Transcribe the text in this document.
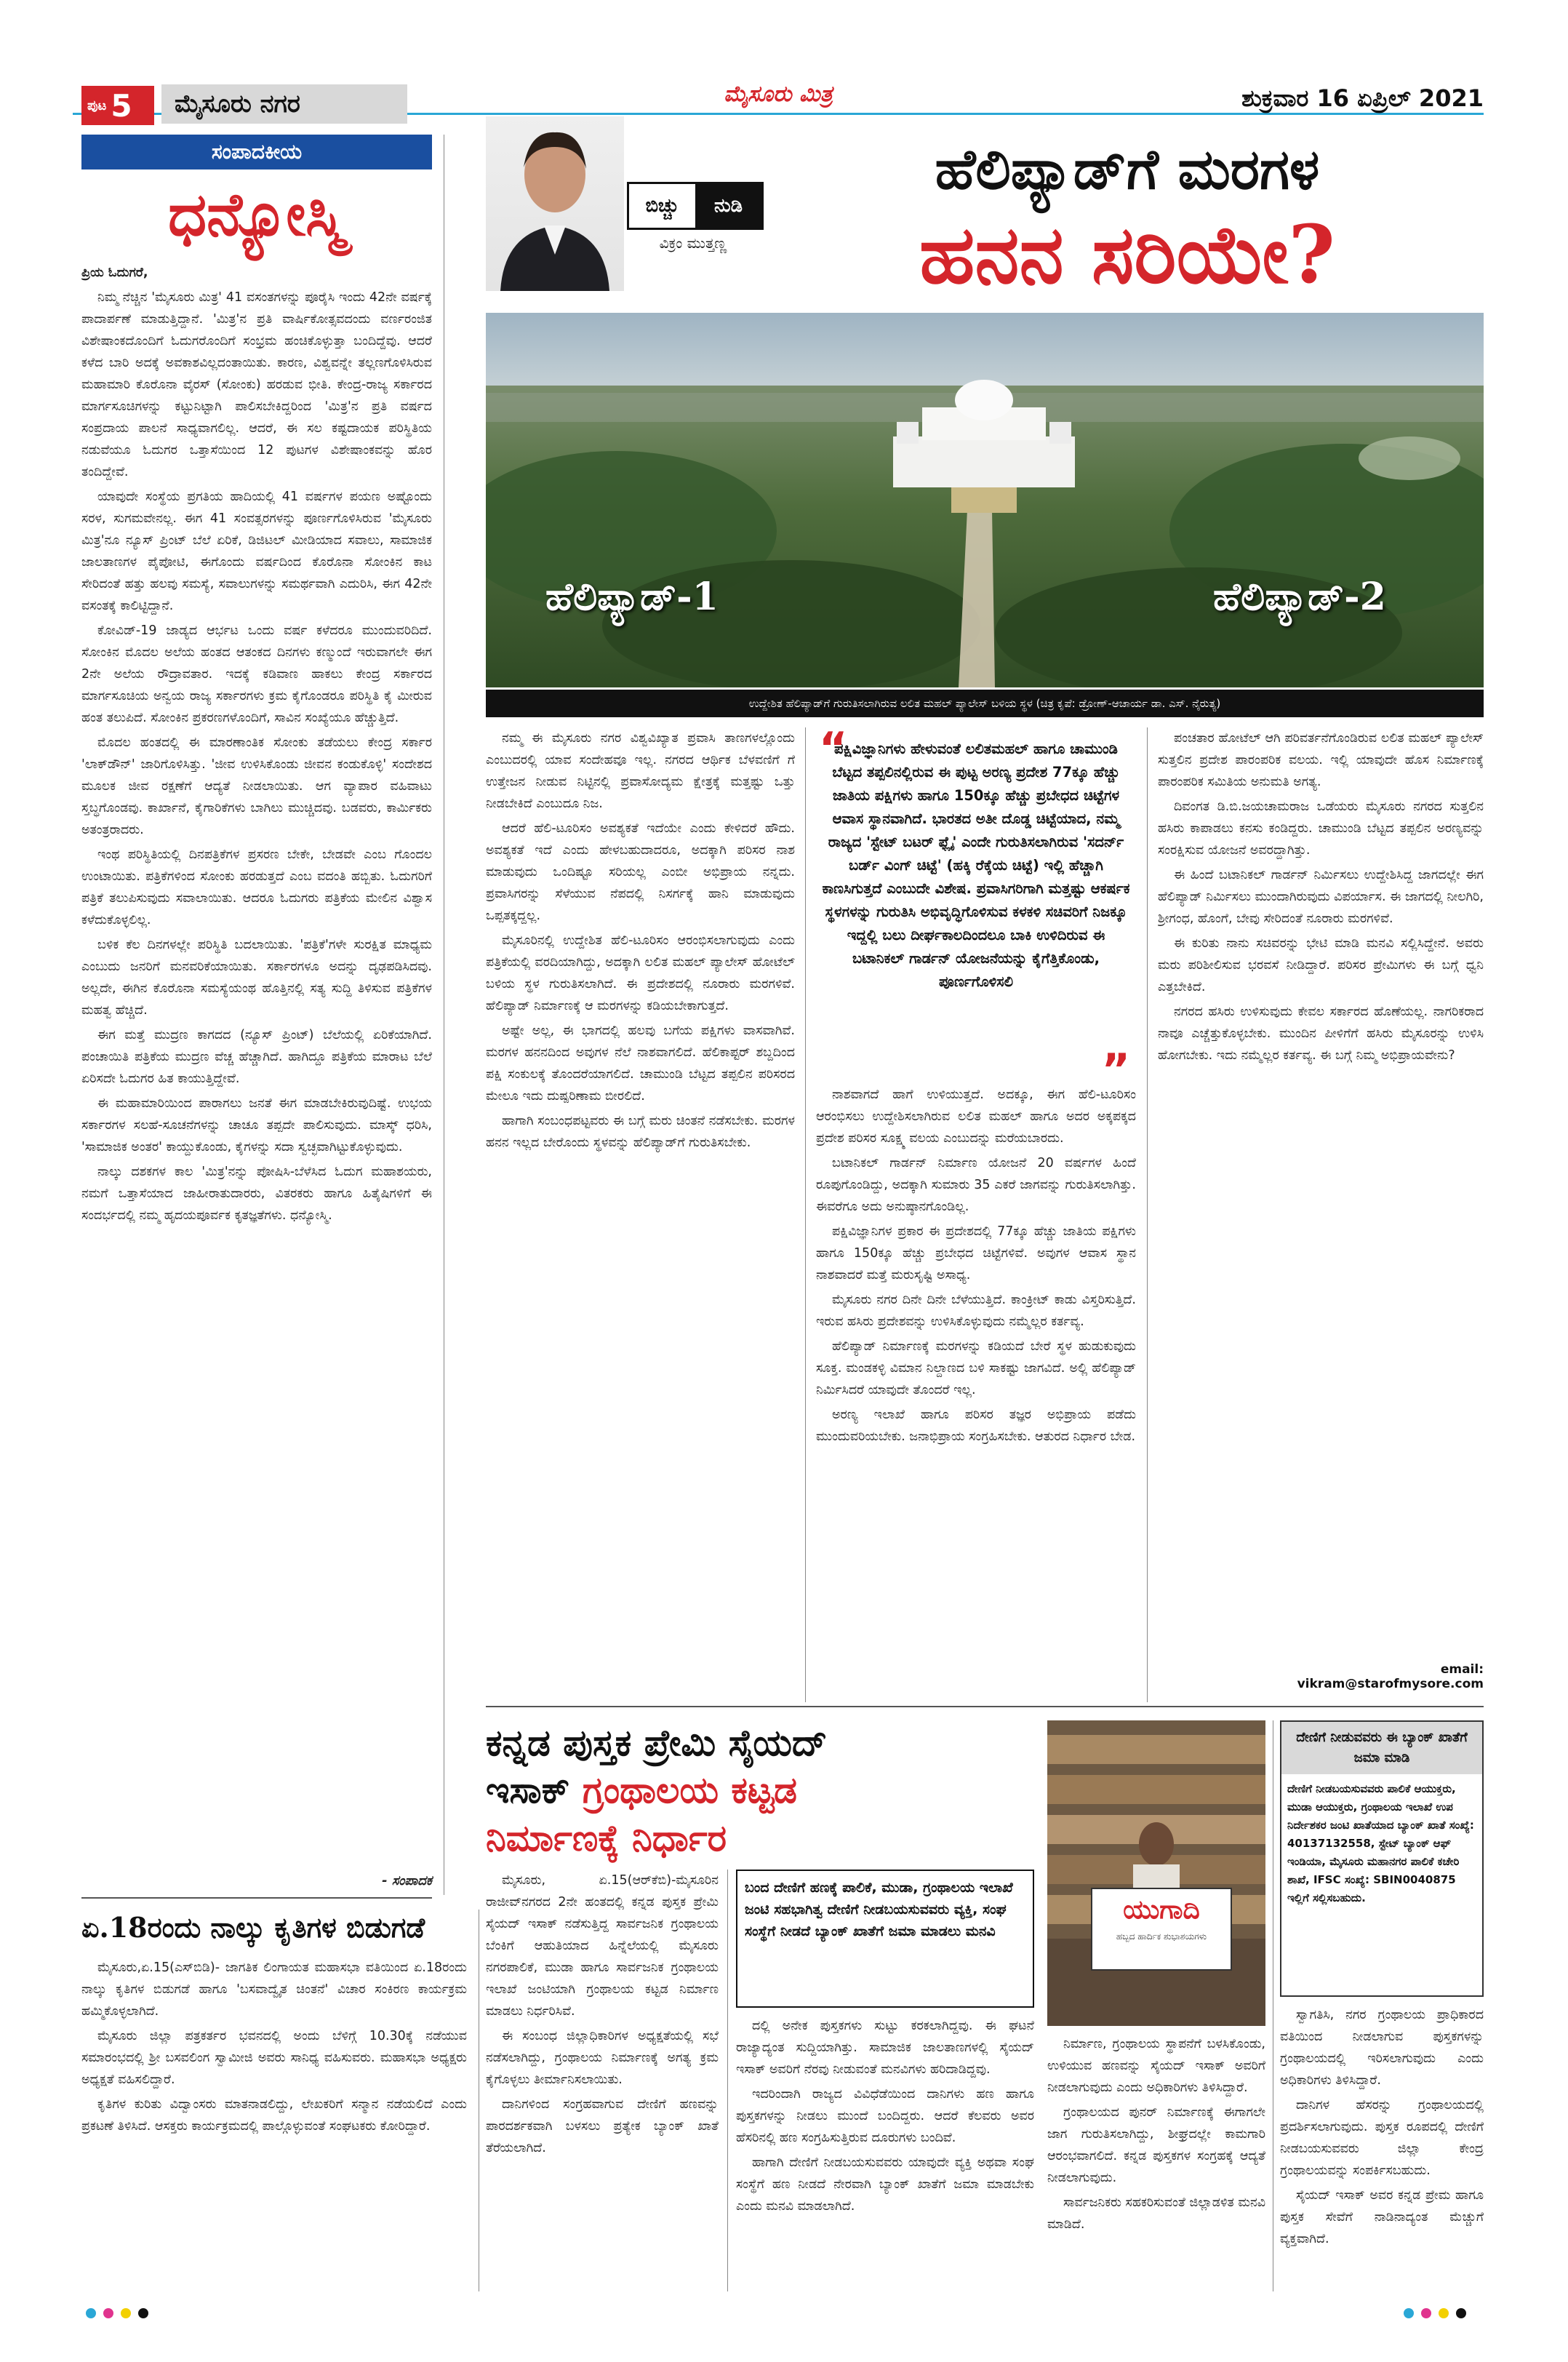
ಪುಟ 5 ಮೈಸೂರು ನಗರ	ಮೈಸೂರು ಮಿತ್ರ	ಶುಕ್ರವಾರ 16 ಏಪ್ರಿಲ್ 2021
ಸಂಪಾದಕೀಯ
ಧನ್ಯೋಸ್ಮಿ

ಪ್ರಿಯ ಓದುಗರೆ,

ನಿಮ್ಮ ನೆಚ್ಚಿನ 'ಮೈಸೂರು ಮಿತ್ರ' 41 ವಸಂತಗಳನ್ನು ಪೂರೈಸಿ ಇಂದು 42ನೇ ವರ್ಷಕ್ಕೆ ಪಾದಾರ್ಪಣೆ ಮಾಡುತ್ತಿದ್ದಾನೆ. 'ಮಿತ್ರ'ನ ಪ್ರತಿ ವಾರ್ಷಿಕೋತ್ಸವದಂದು ವರ್ಣರಂಜಿತ ವಿಶೇಷಾಂಕದೊಂದಿಗೆ ಓದುಗರೊಂದಿಗೆ ಸಂಭ್ರಮ ಹಂಚಿಕೊಳ್ಳುತ್ತಾ ಬಂದಿದ್ದೆವು. ಆದರೆ ಕಳೆದ ಬಾರಿ ಅದಕ್ಕೆ ಅವಕಾಶವಿಲ್ಲದಂತಾಯಿತು. ಕಾರಣ, ವಿಶ್ವವನ್ನೇ ತಲ್ಲಣಗೊಳಿಸಿರುವ ಮಹಾಮಾರಿ ಕೊರೊನಾ ವೈರಸ್ (ಸೋಂಕು) ಹರಡುವ ಭೀತಿ. ಕೇಂದ್ರ-ರಾಜ್ಯ ಸರ್ಕಾರದ ಮಾರ್ಗಸೂಚಿಗಳನ್ನು ಕಟ್ಟುನಿಟ್ಟಾಗಿ ಪಾಲಿಸಬೇಕಿದ್ದರಿಂದ 'ಮಿತ್ರ'ನ ಪ್ರತಿ ವರ್ಷದ ಸಂಪ್ರದಾಯ ಪಾಲನೆ ಸಾಧ್ಯವಾಗಲಿಲ್ಲ. ಆದರೆ, ಈ ಸಲ ಕಷ್ಟದಾಯಕ ಪರಿಸ್ಥಿತಿಯ ನಡುವೆಯೂ ಓದುಗರ ಒತ್ತಾಸೆಯಿಂದ 12 ಪುಟಗಳ ವಿಶೇಷಾಂಕವನ್ನು ಹೊರ ತಂದಿದ್ದೇವೆ.

ಯಾವುದೇ ಸಂಸ್ಥೆಯ ಪ್ರಗತಿಯ ಹಾದಿಯಲ್ಲಿ 41 ವರ್ಷಗಳ ಪಯಣ ಅಷ್ಟೊಂದು ಸರಳ, ಸುಗಮವೇನಲ್ಲ. ಈಗ 41 ಸಂವತ್ಸರಗಳನ್ನು ಪೂರ್ಣಗೊಳಿಸಿರುವ 'ಮೈಸೂರು ಮಿತ್ರ'ನೂ ನ್ಯೂಸ್ ಪ್ರಿಂಟ್ ಬೆಲೆ ಏರಿಕೆ, ಡಿಜಿಟಲ್ ಮೀಡಿಯಾದ ಸವಾಲು, ಸಾಮಾಜಿಕ ಜಾಲತಾಣಗಳ ಪೈಪೋಟಿ, ಈಗೊಂದು ವರ್ಷದಿಂದ ಕೊರೊನಾ ಸೋಂಕಿನ ಕಾಟ ಸೇರಿದಂತೆ ಹತ್ತು ಹಲವು ಸಮಸ್ಯೆ, ಸವಾಲುಗಳನ್ನು ಸಮರ್ಥವಾಗಿ ಎದುರಿಸಿ, ಈಗ 42ನೇ ವಸಂತಕ್ಕೆ ಕಾಲಿಟ್ಟಿದ್ದಾನೆ.

ಕೋವಿಡ್-19 ಜಾಡ್ಯದ ಆರ್ಭಟ ಒಂದು ವರ್ಷ ಕಳೆದರೂ ಮುಂದುವರಿದಿದೆ. ಸೋಂಕಿನ ಮೊದಲ ಅಲೆಯ ಹಂತದ ಆತಂಕದ ದಿನಗಳು ಕಣ್ಮುಂದೆ ಇರುವಾಗಲೇ ಈಗ 2ನೇ ಅಲೆಯ ರೌದ್ರಾವತಾರ. ಇದಕ್ಕೆ ಕಡಿವಾಣ ಹಾಕಲು ಕೇಂದ್ರ ಸರ್ಕಾರದ ಮಾರ್ಗಸೂಚಿಯ ಅನ್ವಯ ರಾಜ್ಯ ಸರ್ಕಾರಗಳು ಕ್ರಮ ಕೈಗೊಂಡರೂ ಪರಿಸ್ಥಿತಿ ಕೈ ಮೀರುವ ಹಂತ ತಲುಪಿದೆ. ಸೋಂಕಿನ ಪ್ರಕರಣಗಳೊಂದಿಗೆ, ಸಾವಿನ ಸಂಖ್ಯೆಯೂ ಹೆಚ್ಚುತ್ತಿದೆ.

ಮೊದಲ ಹಂತದಲ್ಲಿ ಈ ಮಾರಣಾಂತಿಕ ಸೋಂಕು ತಡೆಯಲು ಕೇಂದ್ರ ಸರ್ಕಾರ 'ಲಾಕ್‌ಡೌನ್' ಜಾರಿಗೊಳಿಸಿತ್ತು. 'ಜೀವ ಉಳಿಸಿಕೊಂಡು ಜೀವನ ಕಂಡುಕೊಳ್ಳಿ' ಸಂದೇಶದ ಮೂಲಕ ಜೀವ ರಕ್ಷಣೆಗೆ ಆದ್ಯತೆ ನೀಡಲಾಯಿತು. ಆಗ ವ್ಯಾಪಾರ ವಹಿವಾಟು ಸ್ತಬ್ಧಗೊಂಡವು. ಕಾರ್ಖಾನೆ, ಕೈಗಾರಿಕೆಗಳು ಬಾಗಿಲು ಮುಚ್ಚಿದವು. ಬಡವರು, ಕಾರ್ಮಿಕರು ಅತಂತ್ರರಾದರು.

ಇಂಥ ಪರಿಸ್ಥಿತಿಯಲ್ಲಿ ದಿನಪತ್ರಿಕೆಗಳ ಪ್ರಸರಣ ಬೇಕೇ, ಬೇಡವೇ ಎಂಬ ಗೊಂದಲ ಉಂಟಾಯಿತು. ಪತ್ರಿಕೆಗಳಿಂದ ಸೋಂಕು ಹರಡುತ್ತದೆ ಎಂಬ ವದಂತಿ ಹಬ್ಬಿತು. ಓದುಗರಿಗೆ ಪತ್ರಿಕೆ ತಲುಪಿಸುವುದು ಸವಾಲಾಯಿತು. ಆದರೂ ಓದುಗರು ಪತ್ರಿಕೆಯ ಮೇಲಿನ ವಿಶ್ವಾಸ ಕಳೆದುಕೊಳ್ಳಲಿಲ್ಲ.

ಬಳಿಕ ಕೆಲ ದಿನಗಳಲ್ಲೇ ಪರಿಸ್ಥಿತಿ ಬದಲಾಯಿತು. 'ಪತ್ರಿಕೆ'ಗಳೇ ಸುರಕ್ಷಿತ ಮಾಧ್ಯಮ ಎಂಬುದು ಜನರಿಗೆ ಮನವರಿಕೆಯಾಯಿತು. ಸರ್ಕಾರಗಳೂ ಅದನ್ನು ದೃಢಪಡಿಸಿದವು. ಅಲ್ಲದೇ, ಈಗಿನ ಕೊರೊನಾ ಸಮಸ್ಯೆಯಂಥ ಹೊತ್ತಿನಲ್ಲಿ ಸತ್ಯ ಸುದ್ದಿ ತಿಳಿಸುವ ಪತ್ರಿಕೆಗಳ ಮಹತ್ವ ಹೆಚ್ಚಿದೆ.

ಈಗ ಮತ್ತೆ ಮುದ್ರಣ ಕಾಗದದ (ನ್ಯೂಸ್ ಪ್ರಿಂಟ್) ಬೆಲೆಯಲ್ಲಿ ಏರಿಕೆಯಾಗಿದೆ. ಪಂಚಾಯಿತಿ ಪತ್ರಿಕೆಯ ಮುದ್ರಣ ವೆಚ್ಚ ಹೆಚ್ಚಾಗಿದೆ. ಹಾಗಿದ್ದೂ ಪತ್ರಿಕೆಯ ಮಾರಾಟ ಬೆಲೆ ಏರಿಸದೇ ಓದುಗರ ಹಿತ ಕಾಯುತ್ತಿದ್ದೇವೆ.

ಈ ಮಹಾಮಾರಿಯಿಂದ ಪಾರಾಗಲು ಜನತೆ ಈಗ ಮಾಡಬೇಕಿರುವುದಿಷ್ಟೆ. ಉಭಯ ಸರ್ಕಾರಗಳ ಸಲಹೆ-ಸೂಚನೆಗಳನ್ನು ಚಾಚೂ ತಪ್ಪದೇ ಪಾಲಿಸುವುದು. ಮಾಸ್ಕ್ ಧರಿಸಿ, 'ಸಾಮಾಜಿಕ ಅಂತರ' ಕಾಯ್ದುಕೊಂಡು, ಕೈಗಳನ್ನು ಸದಾ ಸ್ವಚ್ಛವಾಗಿಟ್ಟುಕೊಳ್ಳುವುದು.

ನಾಲ್ಕು ದಶಕಗಳ ಕಾಲ 'ಮಿತ್ರ'ನನ್ನು ಪೋಷಿಸಿ-ಬೆಳೆಸಿದ ಓದುಗ ಮಹಾಶಯರು, ನಮಗೆ ಒತ್ತಾಸೆಯಾದ ಜಾಹೀರಾತುದಾರರು, ವಿತರಕರು ಹಾಗೂ ಹಿತೈಷಿಗಳಿಗೆ ಈ ಸಂದರ್ಭದಲ್ಲಿ ನಮ್ಮ ಹೃದಯಪೂರ್ವಕ ಕೃತಜ್ಞತೆಗಳು. ಧನ್ಯೋಸ್ಮಿ.

- ಸಂಪಾದಕ
ಬಿಚ್ಚು	ನುಡಿ
ವಿಕ್ರಂ ಮುತ್ತಣ್ಣ
ಹೆಲಿಪ್ಯಾಡ್‌ಗೆ ಮರಗಳ
ಹನನ ಸರಿಯೇ?
ಹೆಲಿಪ್ಯಾಡ್-1	ಹೆಲಿಪ್ಯಾಡ್-2
ಉದ್ದೇಶಿತ ಹೆಲಿಪ್ಯಾಡ್‌ಗೆ ಗುರುತಿಸಲಾಗಿರುವ ಲಲಿತ ಮಹಲ್ ಪ್ಯಾಲೇಸ್ ಬಳಿಯ ಸ್ಥಳ (ಚಿತ್ರ ಕೃಪೆ: ಡ್ರೋಣ್-ಆಚಾರ್ಯ ಡಾ. ಎಸ್. ನೈರುತ್ಯ)

ನಮ್ಮ ಈ ಮೈಸೂರು ನಗರ ವಿಶ್ವವಿಖ್ಯಾತ ಪ್ರವಾಸಿ ತಾಣಗಳಲ್ಲೊಂದು ಎಂಬುದರಲ್ಲಿ ಯಾವ ಸಂದೇಹವೂ ಇಲ್ಲ. ನಗರದ ಆರ್ಥಿಕ ಬೆಳವಣಿಗೆ ಗೆ ಉತ್ತೇಜನ ನೀಡುವ ನಿಟ್ಟಿನಲ್ಲಿ ಪ್ರವಾಸೋದ್ಯಮ ಕ್ಷೇತ್ರಕ್ಕೆ ಮತ್ತಷ್ಟು ಒತ್ತು ನೀಡಬೇಕಿದೆ ಎಂಬುದೂ ನಿಜ.

ಆದರೆ ಹೆಲಿ-ಟೂರಿಸಂ ಅವಶ್ಯಕತೆ ಇದೆಯೇ ಎಂದು ಕೇಳಿದರೆ ಹೌದು. ಅವಶ್ಯಕತೆ ಇದೆ ಎಂದು ಹೇಳಬಹುದಾದರೂ, ಅದಕ್ಕಾಗಿ ಪರಿಸರ ನಾಶ ಮಾಡುವುದು ಒಂದಿಷ್ಟೂ ಸರಿಯಲ್ಲ ಎಂಬೀ ಅಭಿಪ್ರಾಯ ನನ್ನದು. ಪ್ರವಾಸಿಗರನ್ನು ಸೆಳೆಯುವ ನೆಪದಲ್ಲಿ ನಿಸರ್ಗಕ್ಕೆ ಹಾನಿ ಮಾಡುವುದು ಒಪ್ಪತಕ್ಕದ್ದಲ್ಲ.

ಮೈಸೂರಿನಲ್ಲಿ ಉದ್ದೇಶಿತ ಹೆಲಿ-ಟೂರಿಸಂ ಆರಂಭಿಸಲಾಗುವುದು ಎಂದು ಪತ್ರಿಕೆಯಲ್ಲಿ ವರದಿಯಾಗಿದ್ದು, ಅದಕ್ಕಾಗಿ ಲಲಿತ ಮಹಲ್ ಪ್ಯಾಲೇಸ್ ಹೋಟೆಲ್ ಬಳಿಯ ಸ್ಥಳ ಗುರುತಿಸಲಾಗಿದೆ. ಈ ಪ್ರದೇಶದಲ್ಲಿ ನೂರಾರು ಮರಗಳಿವೆ. ಹೆಲಿಪ್ಯಾಡ್ ನಿರ್ಮಾಣಕ್ಕೆ ಆ ಮರಗಳನ್ನು ಕಡಿಯಬೇಕಾಗುತ್ತದೆ.

ಅಷ್ಟೇ ಅಲ್ಲ, ಈ ಭಾಗದಲ್ಲಿ ಹಲವು ಬಗೆಯ ಪಕ್ಷಿಗಳು ವಾಸವಾಗಿವೆ. ಮರಗಳ ಹನನದಿಂದ ಅವುಗಳ ನೆಲೆ ನಾಶವಾಗಲಿದೆ. ಹೆಲಿಕಾಪ್ಟರ್ ಶಬ್ದದಿಂದ ಪಕ್ಷಿ ಸಂಕುಲಕ್ಕೆ ತೊಂದರೆಯಾಗಲಿದೆ. ಚಾಮುಂಡಿ ಬೆಟ್ಟದ ತಪ್ಪಲಿನ ಪರಿಸರದ ಮೇಲೂ ಇದು ದುಷ್ಪರಿಣಾಮ ಬೀರಲಿದೆ.

ಹಾಗಾಗಿ ಸಂಬಂಧಪಟ್ಟವರು ಈ ಬಗ್ಗೆ ಮರು ಚಿಂತನೆ ನಡೆಸಬೇಕು. ಮರಗಳ ಹನನ ಇಲ್ಲದ ಬೇರೊಂದು ಸ್ಥಳವನ್ನು ಹೆಲಿಪ್ಯಾಡ್‌ಗೆ ಗುರುತಿಸಬೇಕು.

“
ಪಕ್ಷಿವಿಜ್ಞಾನಿಗಳು ಹೇಳುವಂತೆ ಲಲಿತಮಹಲ್ ಹಾಗೂ ಚಾಮುಂಡಿ ಬೆಟ್ಟದ ತಪ್ಪಲಿನಲ್ಲಿರುವ ಈ ಪುಟ್ಟ ಅರಣ್ಯ ಪ್ರದೇಶ 77ಕ್ಕೂ ಹೆಚ್ಚು ಜಾತಿಯ ಪಕ್ಷಿಗಳು ಹಾಗೂ 150ಕ್ಕೂ ಹೆಚ್ಚು ಪ್ರಬೇಧದ ಚಿಟ್ಟೆಗಳ ಆವಾಸ ಸ್ಥಾನವಾಗಿದೆ. ಭಾರತದ ಅತೀ ದೊಡ್ಡ ಚಿಟ್ಟೆಯಾದ, ನಮ್ಮ ರಾಜ್ಯದ 'ಸ್ಟೇಟ್ ಬಟರ್ ಫ್ಲೈ' ಎಂದೇ ಗುರುತಿಸಲಾಗಿರುವ 'ಸದರ್ನ್ ಬರ್ಡ್ ವಿಂಗ್ ಚಿಟ್ಟೆ' (ಹಕ್ಕಿ ರೆಕ್ಕೆಯ ಚಿಟ್ಟೆ) ಇಲ್ಲಿ ಹೆಚ್ಚಾಗಿ ಕಾಣಸಿಗುತ್ತದೆ ಎಂಬುದೇ ವಿಶೇಷ. ಪ್ರವಾಸಿಗರಿಗಾಗಿ ಮತ್ತಷ್ಟು ಆಕರ್ಷಕ ಸ್ಥಳಗಳನ್ನು ಗುರುತಿಸಿ ಅಭಿವೃದ್ಧಿಗೊಳಿಸುವ ಕಳಕಳಿ ಸಚಿವರಿಗೆ ನಿಜಕ್ಕೂ ಇದ್ದಲ್ಲಿ ಬಲು ದೀರ್ಘಕಾಲದಿಂದಲೂ ಬಾಕಿ ಉಳಿದಿರುವ ಈ ಬಟಾನಿಕಲ್ ಗಾರ್ಡನ್ ಯೋಜನೆಯನ್ನು ಕೈಗೆತ್ತಿಕೊಂಡು, ಪೂರ್ಣಗೊಳಿಸಲಿ
”

ನಾಶವಾಗದೆ ಹಾಗೆ ಉಳಿಯುತ್ತದೆ. ಅದಕ್ಕೂ, ಈಗ ಹೆಲಿ-ಟೂರಿಸಂ ಆರಂಭಿಸಲು ಉದ್ದೇಶಿಸಲಾಗಿರುವ ಲಲಿತ ಮಹಲ್ ಹಾಗೂ ಅದರ ಅಕ್ಕಪಕ್ಕದ ಪ್ರದೇಶ ಪರಿಸರ ಸೂಕ್ಷ್ಮ ವಲಯ ಎಂಬುದನ್ನು ಮರೆಯಬಾರದು.

ಬಟಾನಿಕಲ್ ಗಾರ್ಡನ್ ನಿರ್ಮಾಣ ಯೋಜನೆ 20 ವರ್ಷಗಳ ಹಿಂದೆ ರೂಪುಗೊಂಡಿದ್ದು, ಅದಕ್ಕಾಗಿ ಸುಮಾರು 35 ಎಕರೆ ಜಾಗವನ್ನು ಗುರುತಿಸಲಾಗಿತ್ತು. ಈವರೆಗೂ ಅದು ಅನುಷ್ಠಾನಗೊಂಡಿಲ್ಲ.

ಪಕ್ಷಿವಿಜ್ಞಾನಿಗಳ ಪ್ರಕಾರ ಈ ಪ್ರದೇಶದಲ್ಲಿ 77ಕ್ಕೂ ಹೆಚ್ಚು ಜಾತಿಯ ಪಕ್ಷಿಗಳು ಹಾಗೂ 150ಕ್ಕೂ ಹೆಚ್ಚು ಪ್ರಬೇಧದ ಚಿಟ್ಟೆಗಳಿವೆ. ಅವುಗಳ ಆವಾಸ ಸ್ಥಾನ ನಾಶವಾದರೆ ಮತ್ತೆ ಮರುಸೃಷ್ಟಿ ಅಸಾಧ್ಯ.

ಮೈಸೂರು ನಗರ ದಿನೇ ದಿನೇ ಬೆಳೆಯುತ್ತಿದೆ. ಕಾಂಕ್ರೀಟ್ ಕಾಡು ವಿಸ್ತರಿಸುತ್ತಿದೆ. ಇರುವ ಹಸಿರು ಪ್ರದೇಶವನ್ನು ಉಳಿಸಿಕೊಳ್ಳುವುದು ನಮ್ಮೆಲ್ಲರ ಕರ್ತವ್ಯ.

ಹೆಲಿಪ್ಯಾಡ್ ನಿರ್ಮಾಣಕ್ಕೆ ಮರಗಳನ್ನು ಕಡಿಯದೆ ಬೇರೆ ಸ್ಥಳ ಹುಡುಕುವುದು ಸೂಕ್ತ. ಮಂಡಕಳ್ಳಿ ವಿಮಾನ ನಿಲ್ದಾಣದ ಬಳಿ ಸಾಕಷ್ಟು ಜಾಗವಿದೆ. ಅಲ್ಲಿ ಹೆಲಿಪ್ಯಾಡ್ ನಿರ್ಮಿಸಿದರೆ ಯಾವುದೇ ತೊಂದರೆ ಇಲ್ಲ.

ಅರಣ್ಯ ಇಲಾಖೆ ಹಾಗೂ ಪರಿಸರ ತಜ್ಞರ ಅಭಿಪ್ರಾಯ ಪಡೆದು ಮುಂದುವರಿಯಬೇಕು. ಜನಾಭಿಪ್ರಾಯ ಸಂಗ್ರಹಿಸಬೇಕು. ಆತುರದ ನಿರ್ಧಾರ ಬೇಡ.

ಪಂಚತಾರ ಹೋಟೆಲ್ ಆಗಿ ಪರಿವರ್ತನೆಗೊಂಡಿರುವ ಲಲಿತ ಮಹಲ್ ಪ್ಯಾಲೇಸ್ ಸುತ್ತಲಿನ ಪ್ರದೇಶ ಪಾರಂಪರಿಕ ವಲಯ. ಇಲ್ಲಿ ಯಾವುದೇ ಹೊಸ ನಿರ್ಮಾಣಕ್ಕೆ ಪಾರಂಪರಿಕ ಸಮಿತಿಯ ಅನುಮತಿ ಅಗತ್ಯ.

ದಿವಂಗತ ಡಿ.ಬಿ.ಜಯಚಾಮರಾಜ ಒಡೆಯರು ಮೈಸೂರು ನಗರದ ಸುತ್ತಲಿನ ಹಸಿರು ಕಾಪಾಡಲು ಕನಸು ಕಂಡಿದ್ದರು. ಚಾಮುಂಡಿ ಬೆಟ್ಟದ ತಪ್ಪಲಿನ ಅರಣ್ಯವನ್ನು ಸಂರಕ್ಷಿಸುವ ಯೋಜನೆ ಅವರದ್ದಾಗಿತ್ತು.

ಈ ಹಿಂದೆ ಬಟಾನಿಕಲ್ ಗಾರ್ಡನ್ ನಿರ್ಮಿಸಲು ಉದ್ದೇಶಿಸಿದ್ದ ಜಾಗದಲ್ಲೇ ಈಗ ಹೆಲಿಪ್ಯಾಡ್ ನಿರ್ಮಿಸಲು ಮುಂದಾಗಿರುವುದು ವಿಪರ್ಯಾಸ. ಈ ಜಾಗದಲ್ಲಿ ನೀಲಗಿರಿ, ಶ್ರೀಗಂಧ, ಹೊಂಗೆ, ಬೇವು ಸೇರಿದಂತೆ ನೂರಾರು ಮರಗಳಿವೆ.

ಈ ಕುರಿತು ನಾನು ಸಚಿವರನ್ನು ಭೇಟಿ ಮಾಡಿ ಮನವಿ ಸಲ್ಲಿಸಿದ್ದೇನೆ. ಅವರು ಮರು ಪರಿಶೀಲಿಸುವ ಭರವಸೆ ನೀಡಿದ್ದಾರೆ. ಪರಿಸರ ಪ್ರೇಮಿಗಳು ಈ ಬಗ್ಗೆ ಧ್ವನಿ ಎತ್ತಬೇಕಿದೆ.

ನಗರದ ಹಸಿರು ಉಳಿಸುವುದು ಕೇವಲ ಸರ್ಕಾರದ ಹೊಣೆಯಲ್ಲ. ನಾಗರಿಕರಾದ ನಾವೂ ಎಚ್ಚೆತ್ತುಕೊಳ್ಳಬೇಕು. ಮುಂದಿನ ಪೀಳಿಗೆಗೆ ಹಸಿರು ಮೈಸೂರನ್ನು ಉಳಿಸಿ ಹೋಗಬೇಕು. ಇದು ನಮ್ಮೆಲ್ಲರ ಕರ್ತವ್ಯ. ಈ ಬಗ್ಗೆ ನಿಮ್ಮ ಅಭಿಪ್ರಾಯವೇನು?

email:
vikram@starofmysore.com
ಏ.18ರಂದು ನಾಲ್ಕು ಕೃತಿಗಳ ಬಿಡುಗಡೆ

ಮೈಸೂರು,ಏ.15(ಎಸ್‌ಬಿಡಿ)- ಜಾಗತಿಕ ಲಿಂಗಾಯತ ಮಹಾಸಭಾ ವತಿಯಿಂದ ಏ.18ರಂದು ನಾಲ್ಕು ಕೃತಿಗಳ ಬಿಡುಗಡೆ ಹಾಗೂ 'ಬಸವಾದ್ವೈತ ಚಿಂತನೆ' ವಿಚಾರ ಸಂಕಿರಣ ಕಾರ್ಯಕ್ರಮ ಹಮ್ಮಿಕೊಳ್ಳಲಾಗಿದೆ.

ಮೈಸೂರು ಜಿಲ್ಲಾ ಪತ್ರಕರ್ತರ ಭವನದಲ್ಲಿ ಅಂದು ಬೆಳಿಗ್ಗೆ 10.30ಕ್ಕೆ ನಡೆಯುವ ಸಮಾರಂಭದಲ್ಲಿ ಶ್ರೀ ಬಸವಲಿಂಗ ಸ್ವಾಮೀಜಿ ಅವರು ಸಾನಿಧ್ಯ ವಹಿಸುವರು. ಮಹಾಸಭಾ ಅಧ್ಯಕ್ಷರು ಅಧ್ಯಕ್ಷತೆ ವಹಿಸಲಿದ್ದಾರೆ.

ಕೃತಿಗಳ ಕುರಿತು ವಿದ್ವಾಂಸರು ಮಾತನಾಡಲಿದ್ದು, ಲೇಖಕರಿಗೆ ಸನ್ಮಾನ ನಡೆಯಲಿದೆ ಎಂದು ಪ್ರಕಟಣೆ ತಿಳಿಸಿದೆ. ಆಸಕ್ತರು ಕಾರ್ಯಕ್ರಮದಲ್ಲಿ ಪಾಲ್ಗೊಳ್ಳುವಂತೆ ಸಂಘಟಕರು ಕೋರಿದ್ದಾರೆ.

ಕನ್ನಡ ಪುಸ್ತಕ ಪ್ರೇಮಿ ಸೈಯದ್
ಇಸಾಕ್ ಗ್ರಂಥಾಲಯ ಕಟ್ಟಡ
ನಿರ್ಮಾಣಕ್ಕೆ ನಿರ್ಧಾರ

ಮೈಸೂರು, ಏ.15(ಆರ್‌ಕೆಬಿ)-ಮೈಸೂರಿನ ರಾಜೀವ್‌ನಗರದ 2ನೇ ಹಂತದಲ್ಲಿ ಕನ್ನಡ ಪುಸ್ತಕ ಪ್ರೇಮಿ ಸೈಯದ್ ಇಸಾಕ್ ನಡೆಸುತ್ತಿದ್ದ ಸಾರ್ವಜನಿಕ ಗ್ರಂಥಾಲಯ ಬೆಂಕಿಗೆ ಆಹುತಿಯಾದ ಹಿನ್ನೆಲೆಯಲ್ಲಿ ಮೈಸೂರು ನಗರಪಾಲಿಕೆ, ಮುಡಾ ಹಾಗೂ ಸಾರ್ವಜನಿಕ ಗ್ರಂಥಾಲಯ ಇಲಾಖೆ ಜಂಟಿಯಾಗಿ ಗ್ರಂಥಾಲಯ ಕಟ್ಟಡ ನಿರ್ಮಾಣ ಮಾಡಲು ನಿರ್ಧರಿಸಿವೆ.

ಈ ಸಂಬಂಧ ಜಿಲ್ಲಾಧಿಕಾರಿಗಳ ಅಧ್ಯಕ್ಷತೆಯಲ್ಲಿ ಸಭೆ ನಡೆಸಲಾಗಿದ್ದು, ಗ್ರಂಥಾಲಯ ನಿರ್ಮಾಣಕ್ಕೆ ಅಗತ್ಯ ಕ್ರಮ ಕೈಗೊಳ್ಳಲು ತೀರ್ಮಾನಿಸಲಾಯಿತು.

ದಾನಿಗಳಿಂದ ಸಂಗ್ರಹವಾಗುವ ದೇಣಿಗೆ ಹಣವನ್ನು ಪಾರದರ್ಶಕವಾಗಿ ಬಳಸಲು ಪ್ರತ್ಯೇಕ ಬ್ಯಾಂಕ್ ಖಾತೆ ತೆರೆಯಲಾಗಿದೆ.

ಬಂದ ದೇಣಿಗೆ ಹಣಕ್ಕೆ ಪಾಲಿಕೆ, ಮುಡಾ, ಗ್ರಂಥಾಲಯ ಇಲಾಖೆ ಜಂಟಿ ಸಹಭಾಗಿತ್ವ ದೇಣಿಗೆ ನೀಡಬಯಸುವವರು ವ್ಯಕ್ತಿ, ಸಂಘ ಸಂಸ್ಥೆಗೆ ನೀಡದೆ ಬ್ಯಾಂಕ್ ಖಾತೆಗೆ ಜಮಾ ಮಾಡಲು ಮನವಿ

ದಲ್ಲಿ ಅನೇಕ ಪುಸ್ತಕಗಳು ಸುಟ್ಟು ಕರಕಲಾಗಿದ್ದವು. ಈ ಘಟನೆ ರಾಜ್ಯಾದ್ಯಂತ ಸುದ್ದಿಯಾಗಿತ್ತು. ಸಾಮಾಜಿಕ ಜಾಲತಾಣಗಳಲ್ಲಿ ಸೈಯದ್ ಇಸಾಕ್ ಅವರಿಗೆ ನೆರವು ನೀಡುವಂತೆ ಮನವಿಗಳು ಹರಿದಾಡಿದ್ದವು.

ಇದರಿಂದಾಗಿ ರಾಜ್ಯದ ವಿವಿಧೆಡೆಯಿಂದ ದಾನಿಗಳು ಹಣ ಹಾಗೂ ಪುಸ್ತಕಗಳನ್ನು ನೀಡಲು ಮುಂದೆ ಬಂದಿದ್ದರು. ಆದರೆ ಕೆಲವರು ಅವರ ಹೆಸರಿನಲ್ಲಿ ಹಣ ಸಂಗ್ರಹಿಸುತ್ತಿರುವ ದೂರುಗಳು ಬಂದಿವೆ.

ಹಾಗಾಗಿ ದೇಣಿಗೆ ನೀಡಬಯಸುವವರು ಯಾವುದೇ ವ್ಯಕ್ತಿ ಅಥವಾ ಸಂಘ ಸಂಸ್ಥೆಗೆ ಹಣ ನೀಡದೆ ನೇರವಾಗಿ ಬ್ಯಾಂಕ್ ಖಾತೆಗೆ ಜಮಾ ಮಾಡಬೇಕು ಎಂದು ಮನವಿ ಮಾಡಲಾಗಿದೆ.

ಯುಗಾದಿ
ಹಬ್ಬದ ಹಾರ್ದಿಕ ಶುಭಾಶಯಗಳು

ನಿರ್ಮಾಣ, ಗ್ರಂಥಾಲಯ ಸ್ಥಾಪನೆಗೆ ಬಳಸಿಕೊಂಡು, ಉಳಿಯುವ ಹಣವನ್ನು ಸೈಯದ್ ಇಸಾಕ್ ಅವರಿಗೆ ನೀಡಲಾಗುವುದು ಎಂದು ಅಧಿಕಾರಿಗಳು ತಿಳಿಸಿದ್ದಾರೆ.

ಗ್ರಂಥಾಲಯದ ಪುನರ್ ನಿರ್ಮಾಣಕ್ಕೆ ಈಗಾಗಲೇ ಜಾಗ ಗುರುತಿಸಲಾಗಿದ್ದು, ಶೀಘ್ರದಲ್ಲೇ ಕಾಮಗಾರಿ ಆರಂಭವಾಗಲಿದೆ. ಕನ್ನಡ ಪುಸ್ತಕಗಳ ಸಂಗ್ರಹಕ್ಕೆ ಆದ್ಯತೆ ನೀಡಲಾಗುವುದು.

ಸಾರ್ವಜನಿಕರು ಸಹಕರಿಸುವಂತೆ ಜಿಲ್ಲಾಡಳಿತ ಮನವಿ ಮಾಡಿದೆ.

ದೇಣಿಗೆ ನೀಡುವವರು ಈ ಬ್ಯಾಂಕ್ ಖಾತೆಗೆ ಜಮಾ ಮಾಡಿ
ದೇಣಿಗೆ ನೀಡಬಯಸುವವರು ಪಾಲಿಕೆ ಆಯುಕ್ತರು, ಮುಡಾ ಆಯುಕ್ತರು, ಗ್ರಂಥಾಲಯ ಇಲಾಖೆ ಉಪ ನಿರ್ದೇಶಕರ ಜಂಟಿ ಖಾತೆಯಾದ ಬ್ಯಾಂಕ್ ಖಾತೆ ಸಂಖ್ಯೆ: 40137132558, ಸ್ಟೇಟ್ ಬ್ಯಾಂಕ್ ಆಫ್ ಇಂಡಿಯಾ, ಮೈಸೂರು ಮಹಾನಗರ ಪಾಲಿಕೆ ಕಚೇರಿ ಶಾಖೆ, IFSC ಸಂಖ್ಯೆ: SBIN0040875 ಇಲ್ಲಿಗೆ ಸಲ್ಲಿಸಬಹುದು.

ಸ್ವಾಗತಿಸಿ, ನಗರ ಗ್ರಂಥಾಲಯ ಪ್ರಾಧಿಕಾರದ ವತಿಯಿಂದ ನೀಡಲಾಗುವ ಪುಸ್ತಕಗಳನ್ನು ಗ್ರಂಥಾಲಯದಲ್ಲಿ ಇರಿಸಲಾಗುವುದು ಎಂದು ಅಧಿಕಾರಿಗಳು ತಿಳಿಸಿದ್ದಾರೆ.

ದಾನಿಗಳ ಹೆಸರನ್ನು ಗ್ರಂಥಾಲಯದಲ್ಲಿ ಪ್ರದರ್ಶಿಸಲಾಗುವುದು. ಪುಸ್ತಕ ರೂಪದಲ್ಲಿ ದೇಣಿಗೆ ನೀಡಬಯಸುವವರು ಜಿಲ್ಲಾ ಕೇಂದ್ರ ಗ್ರಂಥಾಲಯವನ್ನು ಸಂಪರ್ಕಿಸಬಹುದು.

ಸೈಯದ್ ಇಸಾಕ್ ಅವರ ಕನ್ನಡ ಪ್ರೇಮ ಹಾಗೂ ಪುಸ್ತಕ ಸೇವೆಗೆ ನಾಡಿನಾದ್ಯಂತ ಮೆಚ್ಚುಗೆ ವ್ಯಕ್ತವಾಗಿದೆ.
